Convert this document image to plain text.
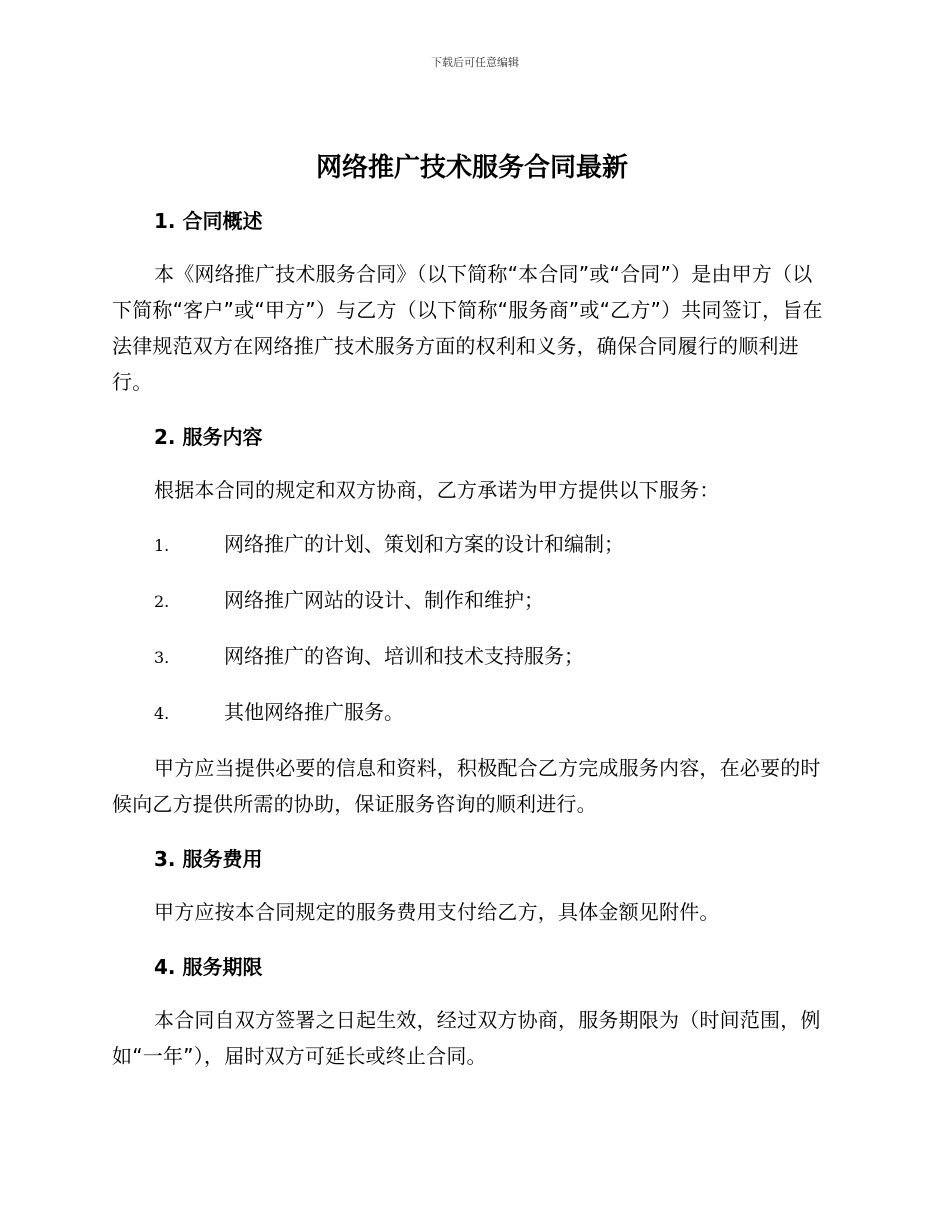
下载后可任意编辑
网络推广技术服务合同最新
1. 合同概述

本《网络推广技术服务合同》（以下简称“本合同”或“合同”）是由甲方（以下简称“客户”或“甲方”）与乙方（以下简称“服务商”或“乙方”）共同签订，旨在法律规范双方在网络推广技术服务方面的权利和义务，确保合同履行的顺利进行。

2. 服务内容

根据本合同的规定和双方协商，乙方承诺为甲方提供以下服务：

1.	网络推广的计划、策划和方案的设计和编制；
2.	网络推广网站的设计、制作和维护；
3.	网络推广的咨询、培训和技术支持服务；
4.	其他网络推广服务。

甲方应当提供必要的信息和资料，积极配合乙方完成服务内容，在必要的时候向乙方提供所需的协助，保证服务咨询的顺利进行。

3. 服务费用

甲方应按本合同规定的服务费用支付给乙方，具体金额见附件。

4. 服务期限

本合同自双方签署之日起生效，经过双方协商，服务期限为（时间范围，例如“一年”），届时双方可延长或终止合同。
